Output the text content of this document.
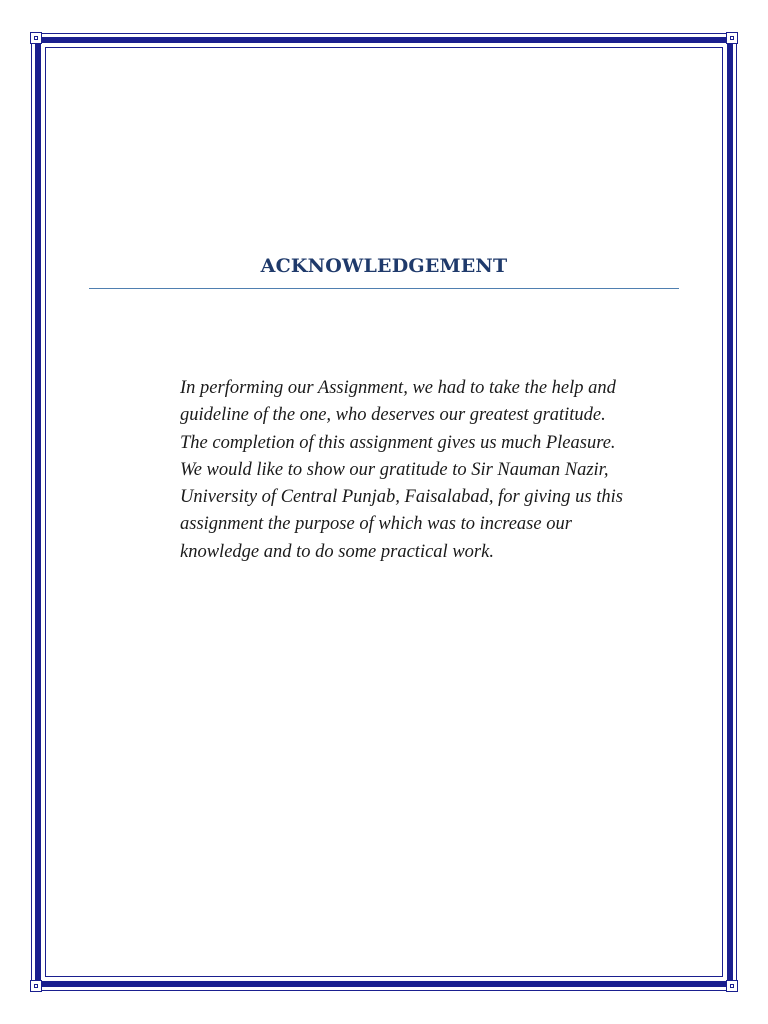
ACKNOWLEDGEMENT
In performing our Assignment, we had to take the help and
guideline of the one, who deserves our greatest gratitude.
The completion of this assignment gives us much Pleasure.
We would like to show our gratitude to Sir Nauman Nazir,
University of Central Punjab, Faisalabad, for giving us this
assignment the purpose of which was to increase our
knowledge and to do some practical work.
